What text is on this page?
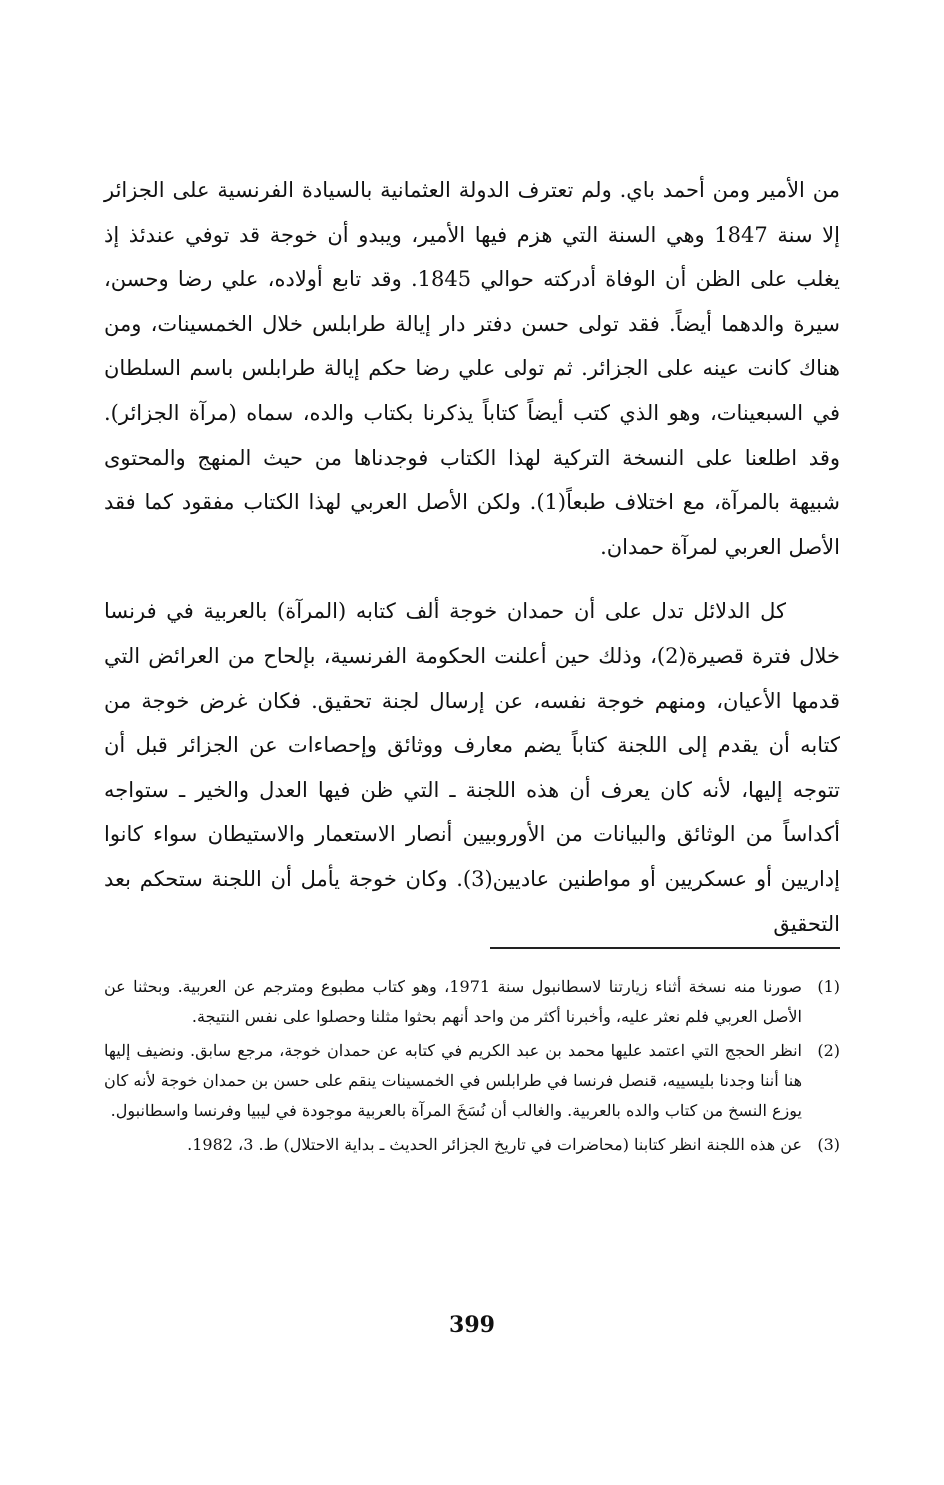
من الأمير ومن أحمد باي. ولم تعترف الدولة العثمانية بالسيادة الفرنسية على الجزائر إلا سنة 1847 وهي السنة التي هزم فيها الأمير، ويبدو أن خوجة قد توفي عندئذ إذ يغلب على الظن أن الوفاة أدركته حوالي 1845. وقد تابع أولاده، علي رضا وحسن، سيرة والدهما أيضاً. فقد تولى حسن دفتر دار إيالة طرابلس خلال الخمسينات، ومن هناك كانت عينه على الجزائر. ثم تولى علي رضا حكم إيالة طرابلس باسم السلطان في السبعينات، وهو الذي كتب أيضاً كتاباً يذكرنا بكتاب والده، سماه (مرآة الجزائر). وقد اطلعنا على النسخة التركية لهذا الكتاب فوجدناها من حيث المنهج والمحتوى شبيهة بالمرآة، مع اختلاف طبعاً(1). ولكن الأصل العربي لهذا الكتاب مفقود كما فقد الأصل العربي لمرآة حمدان.

كل الدلائل تدل على أن حمدان خوجة ألف كتابه (المرآة) بالعربية في فرنسا خلال فترة قصيرة(2)، وذلك حين أعلنت الحكومة الفرنسية، بإلحاح من العرائض التي قدمها الأعيان، ومنهم خوجة نفسه، عن إرسال لجنة تحقيق. فكان غرض خوجة من كتابه أن يقدم إلى اللجنة كتاباً يضم معارف ووثائق وإحصاءات عن الجزائر قبل أن تتوجه إليها، لأنه كان يعرف أن هذه اللجنة ـ التي ظن فيها العدل والخير ـ ستواجه أكداساً من الوثائق والبيانات من الأوروبيين أنصار الاستعمار والاستيطان سواء كانوا إداريين أو عسكريين أو مواطنين عاديين(3). وكان خوجة يأمل أن اللجنة ستحكم بعد التحقيق

(1)
صورنا منه نسخة أثناء زيارتنا لاسطانبول سنة 1971، وهو كتاب مطبوع ومترجم عن العربية. وبحثنا عن الأصل العربي فلم نعثر عليه، وأخبرنا أكثر من واحد أنهم بحثوا مثلنا وحصلوا على نفس النتيجة.
(2)
انظر الحجج التي اعتمد عليها محمد بن عبد الكريم في كتابه عن حمدان خوجة، مرجع سابق. ونضيف إليها هنا أننا وجدنا بليسييه، قنصل فرنسا في طرابلس في الخمسينات ينقم على حسن بن حمدان خوجة لأنه كان يوزع النسخ من كتاب والده بالعربية. والغالب أن نُسَخَ المرآة بالعربية موجودة في ليبيا وفرنسا واسطانبول.
(3)
عن هذه اللجنة انظر كتابنا (محاضرات في تاريخ الجزائر الحديث ـ بداية الاحتلال) ط. 3، 1982.
399
